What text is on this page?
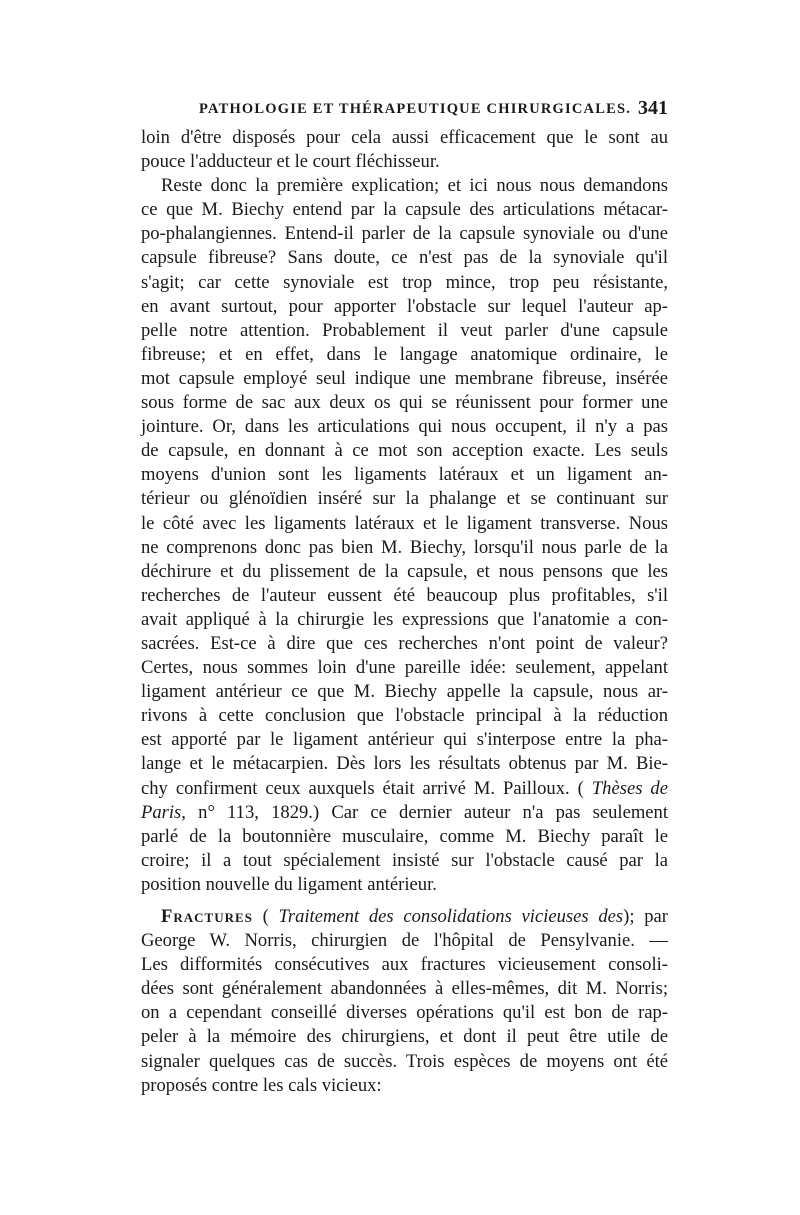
PATHOLOGIE ET THÉRAPEUTIQUE CHIRURGICALES. 341
loin d'être disposés pour cela aussi efficacement que le sont au
pouce l'adducteur et le court fléchisseur.
Reste donc la première explication; et ici nous nous demandons
ce que M. Biechy entend par la capsule des articulations métacar-
po-phalangiennes. Entend-il parler de la capsule synoviale ou d'une
capsule fibreuse? Sans doute, ce n'est pas de la synoviale qu'il
s'agit; car cette synoviale est trop mince, trop peu résistante,
en avant surtout, pour apporter l'obstacle sur lequel l'auteur ap-
pelle notre attention. Probablement il veut parler d'une capsule
fibreuse; et en effet, dans le langage anatomique ordinaire, le
mot capsule employé seul indique une membrane fibreuse, insérée
sous forme de sac aux deux os qui se réunissent pour former une
jointure. Or, dans les articulations qui nous occupent, il n'y a pas
de capsule, en donnant à ce mot son acception exacte. Les seuls
moyens d'union sont les ligaments latéraux et un ligament an-
térieur ou glénoïdien inséré sur la phalange et se continuant sur
le côté avec les ligaments latéraux et le ligament transverse. Nous
ne comprenons donc pas bien M. Biechy, lorsqu'il nous parle de la
déchirure et du plissement de la capsule, et nous pensons que les
recherches de l'auteur eussent été beaucoup plus profitables, s'il
avait appliqué à la chirurgie les expressions que l'anatomie a con-
sacrées. Est-ce à dire que ces recherches n'ont point de valeur?
Certes, nous sommes loin d'une pareille idée: seulement, appelant
ligament antérieur ce que M. Biechy appelle la capsule, nous ar-
rivons à cette conclusion que l'obstacle principal à la réduction
est apporté par le ligament antérieur qui s'interpose entre la pha-
lange et le métacarpien. Dès lors les résultats obtenus par M. Bie-
chy confirment ceux auxquels était arrivé M. Pailloux. ( Thèses de
Paris, n° 113, 1829.) Car ce dernier auteur n'a pas seulement
parlé de la boutonnière musculaire, comme M. Biechy paraît le
croire; il a tout spécialement insisté sur l'obstacle causé par la
position nouvelle du ligament antérieur.
Fractures ( Traitement des consolidations vicieuses des); par
George W. Norris, chirurgien de l'hôpital de Pensylvanie. —
Les difformités consécutives aux fractures vicieusement consoli-
dées sont généralement abandonnées à elles-mêmes, dit M. Norris;
on a cependant conseillé diverses opérations qu'il est bon de rap-
peler à la mémoire des chirurgiens, et dont il peut être utile de
signaler quelques cas de succès. Trois espèces de moyens ont été
proposés contre les cals vicieux:
